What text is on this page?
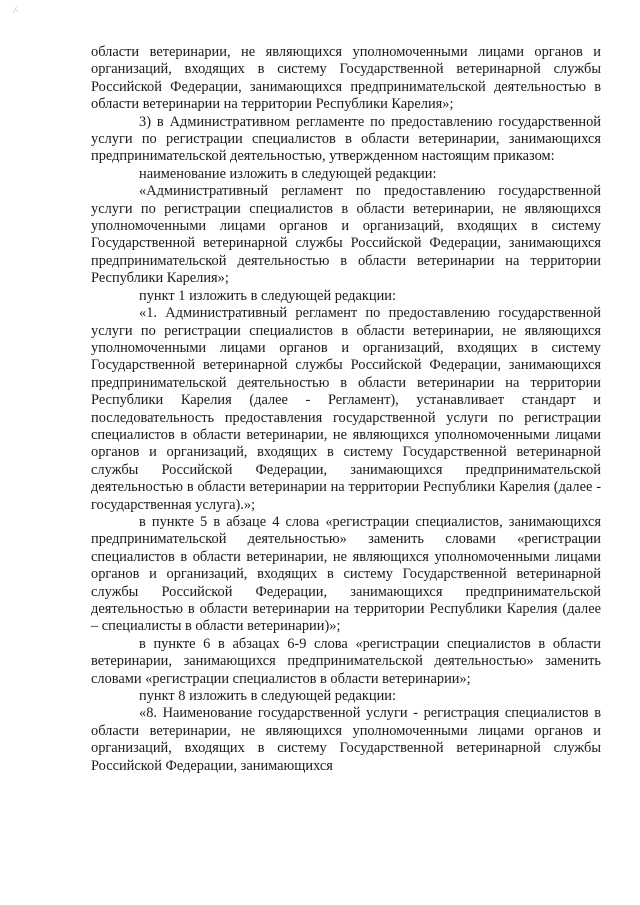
⁄-

области ветеринарии, не являющихся уполномоченными лицами органов и организаций, входящих в систему Государственной ветеринарной службы Российской Федерации, занимающихся предпринимательской деятельностью в области ветеринарии на территории Республики Карелия»;

3) в Административном регламенте по предоставлению государственной услуги по регистрации специалистов в области ветеринарии, занимающихся предпринимательской деятельностью, утвержденном настоящим приказом:

наименование изложить в следующей редакции:

«Административный регламент по предоставлению государственной услуги по регистрации специалистов в области ветеринарии, не являющихся уполномоченными лицами органов и организаций, входящих в систему Государственной ветеринарной службы Российской Федерации, занимающихся предпринимательской деятельностью в области ветеринарии на территории Республики Карелия»;

пункт 1 изложить в следующей редакции:

«1. Административный регламент по предоставлению государственной услуги по регистрации специалистов в области ветеринарии, не являющихся уполномоченными лицами органов и организаций, входящих в систему Государственной ветеринарной службы Российской Федерации, занимающихся предпринимательской деятельностью в области ветеринарии на территории Республики Карелия (далее - Регламент), устанавливает стандарт и последовательность предоставления государственной услуги по регистрации специалистов в области ветеринарии, не являющихся уполномоченными лицами органов и организаций, входящих в систему Государственной ветеринарной службы Российской Федерации, занимающихся предпринимательской деятельностью в области ветеринарии на территории Республики Карелия (далее - государственная услуга).»;

в пункте 5 в абзаце 4 слова «регистрации специалистов, занимающихся предпринимательской деятельностью» заменить словами «регистрации специалистов в области ветеринарии, не являющихся уполномоченными лицами органов и организаций, входящих в систему Государственной ветеринарной службы Российской Федерации, занимающихся предпринимательской деятельностью в области ветеринарии на территории Республики Карелия (далее – специалисты в области ветеринарии)»;

в пункте 6 в абзацах 6-9 слова «регистрации специалистов в области ветеринарии, занимающихся предпринимательской деятельностью» заменить словами «регистрации специалистов в области ветеринарии»;

пункт 8 изложить в следующей редакции:

«8. Наименование государственной услуги - регистрация специалистов в области ветеринарии, не являющихся уполномоченными лицами органов и организаций, входящих в систему Государственной ветеринарной службы Российской Федерации, занимающихся
